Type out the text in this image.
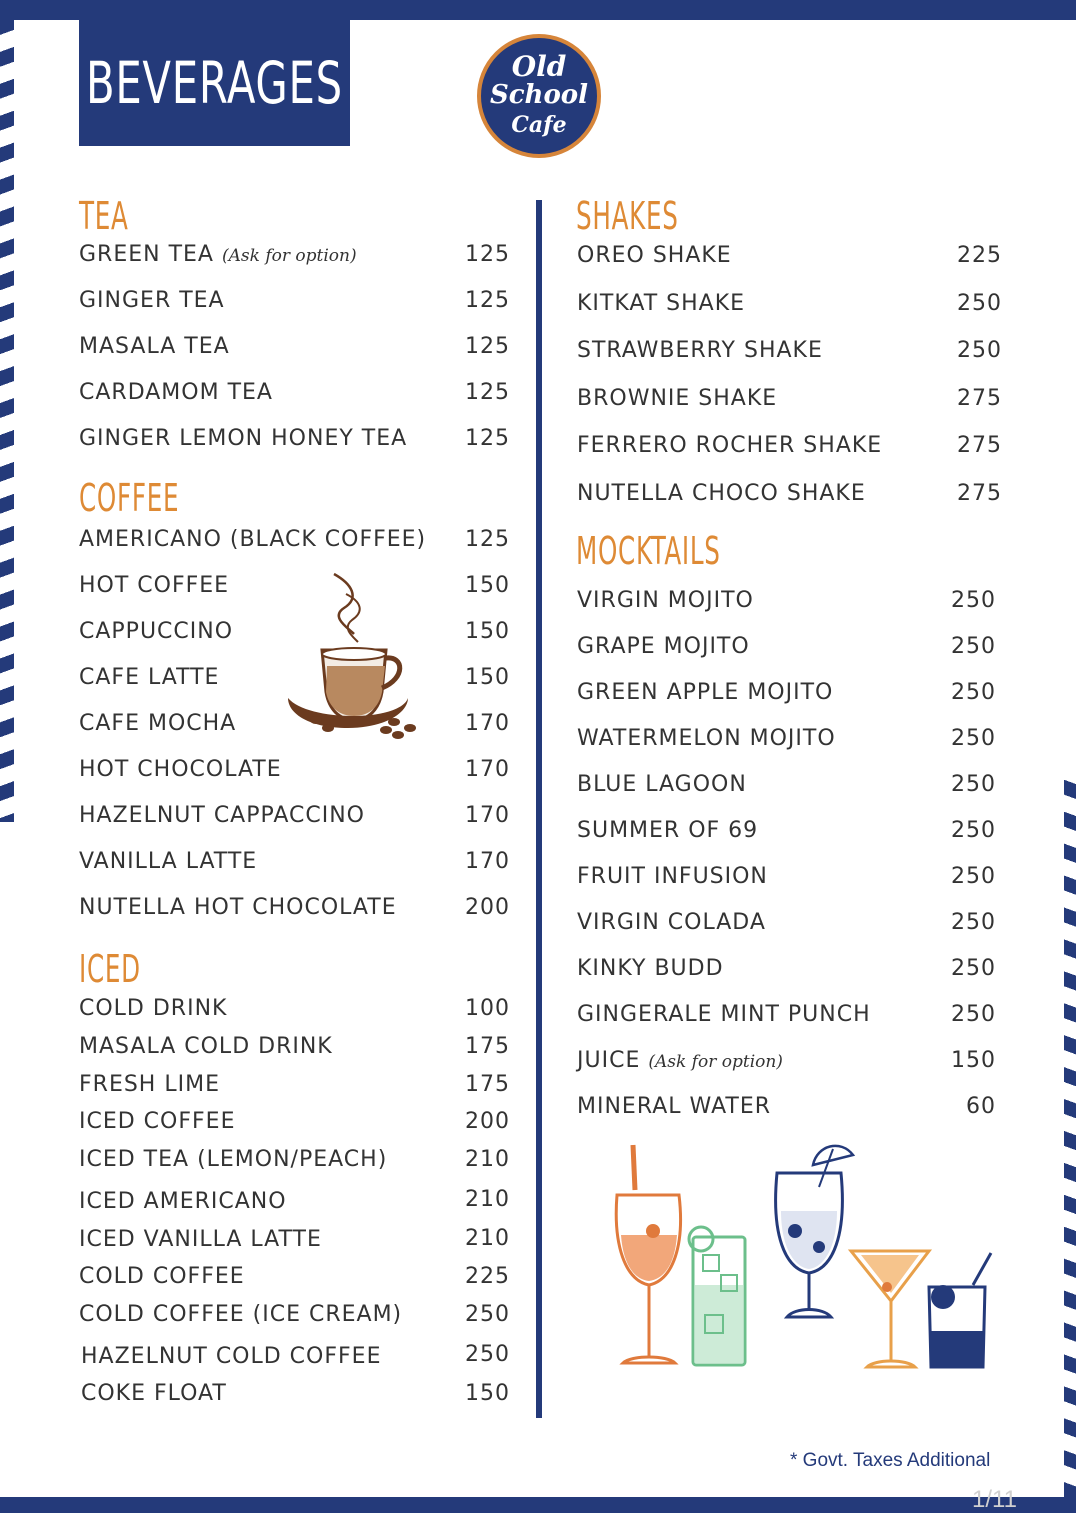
BEVERAGES	Old
School
Cafe
TEA
GREEN TEA (Ask for option)	125
GINGER TEA	125
MASALA TEA	125
CARDAMOM TEA	125
GINGER LEMON HONEY TEA	125
COFFEE
AMERICANO (BLACK COFFEE)	125
HOT COFFEE	150
CAPPUCCINO	150
CAFE LATTE	150
CAFE MOCHA	170
HOT CHOCOLATE	170
HAZELNUT CAPPACCINO	170
VANILLA LATTE	170
NUTELLA HOT CHOCOLATE	200
ICED
COLD DRINK	100
MASALA COLD DRINK	175
FRESH LIME	175
ICED COFFEE	200
ICED TEA (LEMON/PEACH)	210
ICED AMERICANO	210
ICED VANILLA LATTE	210
COLD COFFEE	225
COLD COFFEE (ICE CREAM)	250
HAZELNUT COLD COFFEE	250
COKE FLOAT	150
SHAKES
OREO SHAKE	225
KITKAT SHAKE	250
STRAWBERRY SHAKE	250
BROWNIE SHAKE	275
FERRERO ROCHER SHAKE	275
NUTELLA CHOCO SHAKE	275
MOCKTAILS
VIRGIN MOJITO	250
GRAPE MOJITO	250
GREEN APPLE MOJITO	250
WATERMELON MOJITO	250
BLUE LAGOON	250
SUMMER OF 69	250
FRUIT INFUSION	250
VIRGIN COLADA	250
KINKY BUDD	250
GINGERALE MINT PUNCH	250
JUICE (Ask for option)	150
MINERAL WATER	60
* Govt. Taxes Additional
1/11
